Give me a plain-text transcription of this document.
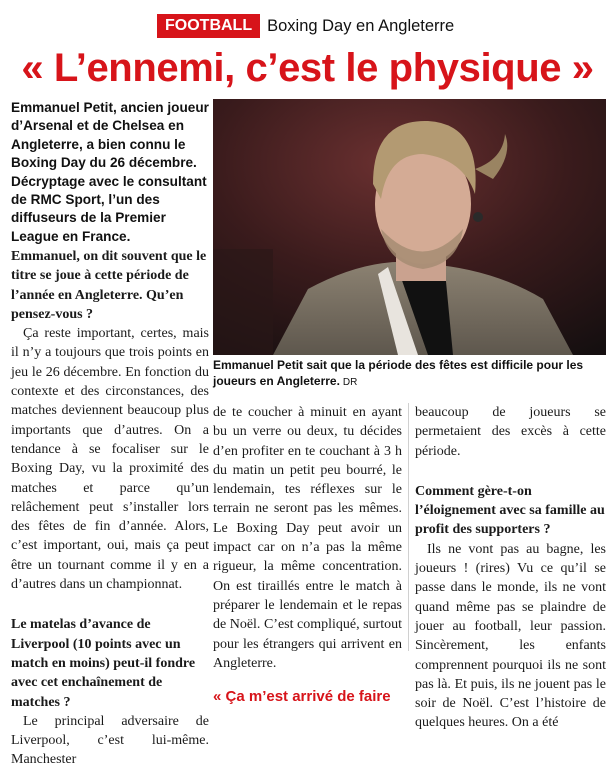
FOOTBALL Boxing Day en Angleterre
« L’ennemi, c’est le physique »

Emmanuel Petit, ancien joueur d’Arsenal et de Chelsea en Angleterre, a bien connu le Boxing Day du 26 décembre. Décryptage avec le consultant de RMC Sport, l’un des diffuseurs de la Premier League en France.

Emmanuel Petit sait que la période des fêtes est difficile pour les joueurs en Angleterre. DR

Emmanuel, on dit souvent que le titre se joue à cette période de l’année en Angleterre. Qu’en pensez-vous ?

Ça reste important, certes, mais il n’y a toujours que trois points en jeu le 26 décembre. En fonction du contexte et des circonstances, des matches deviennent beaucoup plus importants que d’autres. On a tendance à se focaliser sur le Boxing Day, vu la proximité des matches et parce qu’un relâchement peut s’installer lors des fêtes de fin d’année. Alors, c’est important, oui, mais ça peut être un tournant comme il y en a d’autres dans un championnat.

Le matelas d’avance de Liverpool (10 points avec un match en moins) peut-il fondre avec cet enchaînement de matches ?

Le principal adversaire de Liverpool, c’est lui-même. Manchester

de te coucher à minuit en ayant bu un verre ou deux, tu décides d’en profiter en te couchant à 3 h du matin un petit peu bourré, le lendemain, tes réflexes sur le terrain ne seront pas les mêmes. Le Boxing Day peut avoir un impact car on n’a pas la même rigueur, la même concentration. On est tiraillés entre le match à préparer le lendemain et le repas de Noël. C’est compliqué, surtout pour les étrangers qui arrivent en Angleterre.

« Ça m’est arrivé de faire

beaucoup de joueurs se permetaient des excès à cette période.

Comment gère-t-on l’éloignement avec sa famille au profit des supporters ?

Ils ne vont pas au bagne, les joueurs ! (rires) Vu ce qu’il se passe dans le monde, ils ne vont quand même pas se plaindre de jouer au football, leur passion. Sincèrement, les enfants comprennent pourquoi ils ne sont pas là. Et puis, ils ne jouent pas le soir de Noël. C’est l’histoire de quelques heures. On a été
